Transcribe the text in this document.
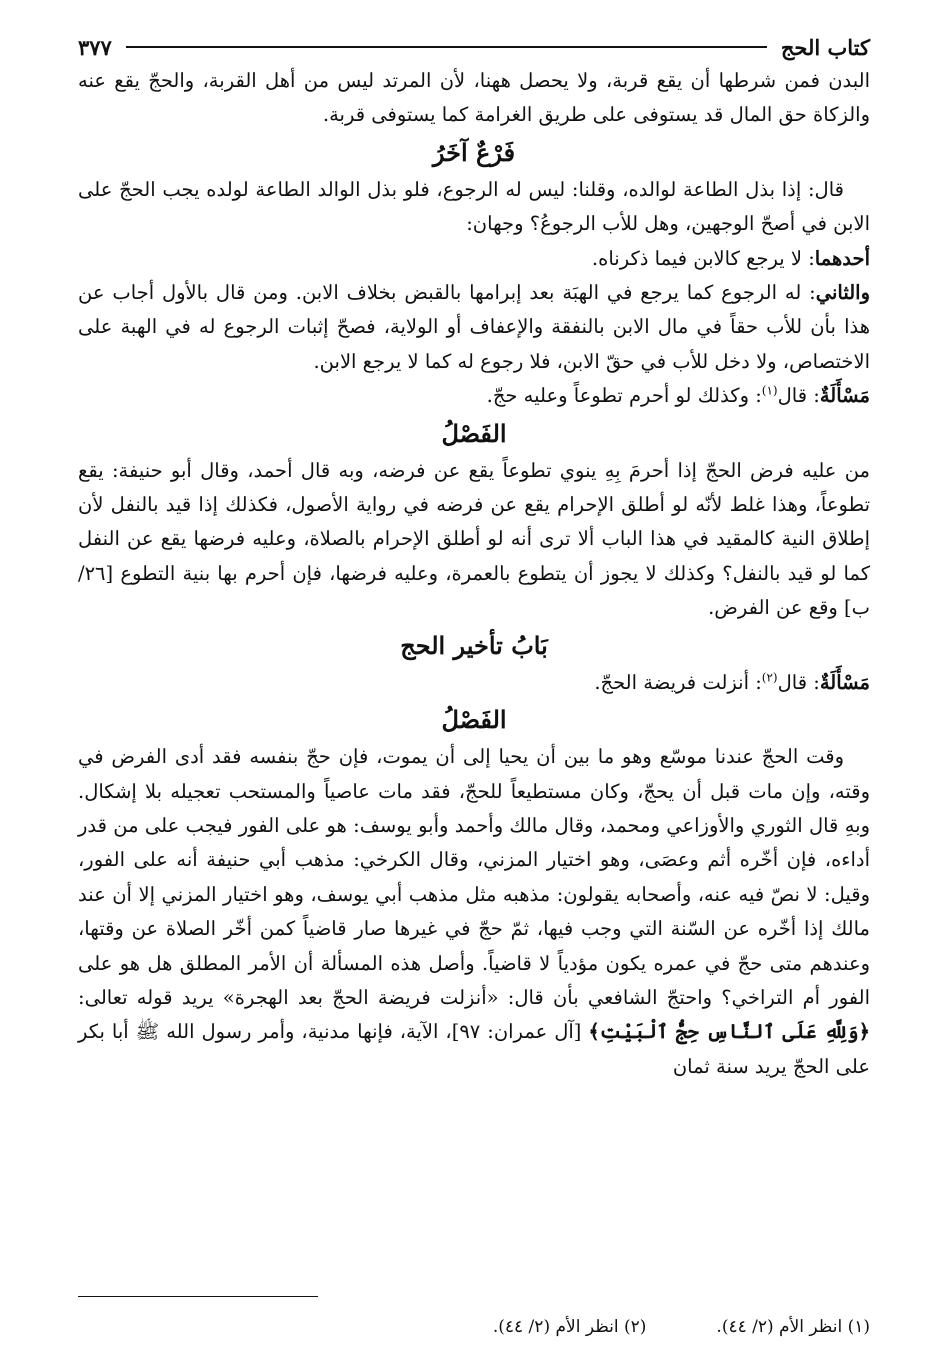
كتاب الحج
٣٧٧

البدن فمن شرطها أن يقع قربة، ولا يحصل ههنا، لأن المرتد ليس من أهل القربة، والحجّ يقع عنه والزكاة حق المال قد يستوفى على طريق الغرامة كما يستوفى قربة.

فَرْعٌ آخَرُ

قال: إذا بذل الطاعة لوالده، وقلنا: ليس له الرجوع، فلو بذل الوالد الطاعة لولده يجب الحجّ على الابن في أصحّ الوجهين، وهل للأب الرجوعُ؟ وجهان:

أحدهما: لا يرجع كالابن فيما ذكرناه.

والثاني: له الرجوع كما يرجع في الهبَة بعد إبرامها بالقبض بخلاف الابن. ومن قال بالأول أجاب عن هذا بأن للأب حقاً في مال الابن بالنفقة والإعفاف أو الولاية، فصحّ إثبات الرجوع له في الهبة على الاختصاص، ولا دخل للأب في حقّ الابن، فلا رجوع له كما لا يرجع الابن.

مَسْأَلَةٌ: قال$^{(١)}$: وكذلك لو أحرم تطوعاً وعليه حجّ.

الفَصْلُ

من عليه فرض الحجّ إذا أحرمَ بِهِ ينوي تطوعاً يقع عن فرضه، وبه قال أحمد، وقال أبو حنيفة: يقع تطوعاً، وهذا غلط لأنّه لو أطلق الإحرام يقع عن فرضه في رواية الأصول، فكذلك إذا قيد بالنفل لأن إطلاق النية كالمقيد في هذا الباب ألا ترى أنه لو أطلق الإحرام بالصلاة، وعليه فرضها يقع عن النفل كما لو قيد بالنفل؟ وكذلك لا يجوز أن يتطوع بالعمرة، وعليه فرضها، فإن أحرم بها بنية التطوع [٢٦/ب] وقع عن الفرض.

بَابُ تأخير الحج

مَسْأَلَةٌ: قال$^{(٢)}$: أنزلت فريضة الحجّ.

الفَصْلُ

وقت الحجّ عندنا موسّع وهو ما بين أن يحيا إلى أن يموت، فإن حجّ بنفسه فقد أدى الفرض في وقته، وإن مات قبل أن يحجّ، وكان مستطيعاً للحجّ، فقد مات عاصياً والمستحب تعجيله بلا إشكال. وبهِ قال الثوري والأوزاعي ومحمد، وقال مالك وأحمد وأبو يوسف: هو على الفور فيجب على من قدر أداءه، فإن أخّره أثم وعصَى، وهو اختيار المزني، وقال الكرخي: مذهب أبي حنيفة أنه على الفور، وقيل: لا نصّ فيه عنه، وأصحابه يقولون: مذهبه مثل مذهب أبي يوسف، وهو اختيار المزني إلا أن عند مالك إذا أخّره عن السّنة التي وجب فيها، ثمّ حجّ في غيرها صار قاضياً كمن أخّر الصلاة عن وقتها، وعندهم متى حجّ في عمره يكون مؤدياً لا قاضياً. وأصل هذه المسألة أن الأمر المطلق هل هو على الفور أم التراخي؟ واحتجّ الشافعي بأن قال: «أنزلت فريضة الحجّ بعد الهجرة» يريد قوله تعالى: ﴿وَلِلَّهِ عَلَى ٱلنَّاسِ حِجُّ ٱلْبَيْتِ﴾ [آل عمران: ٩٧]، الآية، فإنها مدنية، وأمر رسول الله ﷺ أبا بكر على الحجّ يريد سنة ثمان

(١) انظر الأم (٢/ ٤٤).
(٢) انظر الأم (٢/ ٤٤).
